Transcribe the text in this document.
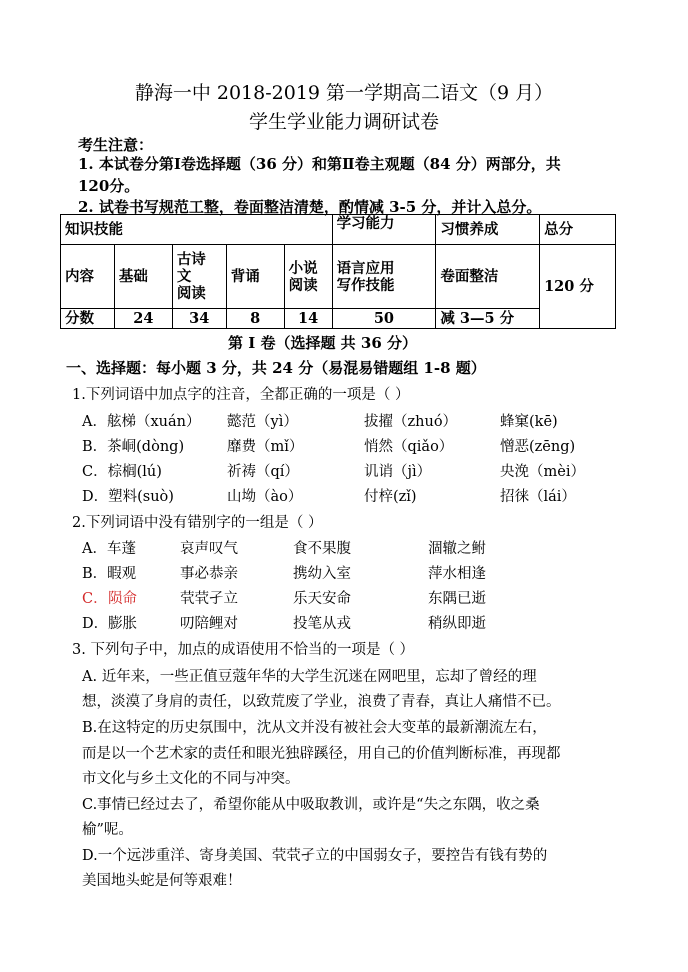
静海一中 2018-2019 第一学期高二语文（9 月）
学生学业能力调研试卷
考生注意：
1. 本试卷分第Ⅰ卷选择题（36 分）和第Ⅱ卷主观题（84 分）两部分，共
120分。
2. 试卷书写规范工整，卷面整洁清楚，酌情减 3-5 分，并计入总分。
知识技能					学习能力	习惯养成	总分
内容	基础	古诗
文
阅读	背诵	小说
阅读	语言应用
写作技能	卷面整洁	120 分
分数	24	34	8	14	50	减 3—5 分	
第 Ⅰ 卷（选择题 共 36 分）
一、选择题：每小题 3 分，共 24 分（易混易错题组 1-8 题）
1.下列词语中加点字的注音，全都正确的一项是（ ）
A．舷梯（xuán） 懿范（yì）	拔擢（zhuó）	蜂窠(kē)
B．茶峒(dòng)	靡费（mǐ）	悄然（qiǎo）	憎恶(zēng)
C．棕榈(lú)	祈祷（qí）	讥诮（jì）	央浼（mèi）
D．塑料(suò)	山坳（ào）	付梓(zǐ)	招徕（lái）
2.下列词语中没有错别字的一组是（ ）
A．车蓬	哀声叹气	食不果腹	涸辙之鲋
B．暇观	事必恭亲	携幼入室	萍水相逢
C． 陨命	茕茕孑立	乐天安命	东隅已逝
D． 膨胀	叨陪鲤对	投笔从戎	稍纵即逝
3. 下列句子中，加点的成语使用不恰当的一项是（ ）
A. 近年来，一些正值豆蔻年华的大学生沉迷在网吧里，忘却了曾经的理
想，淡漠了身肩的责任，以致荒废了学业，浪费了青春，真让人痛惜不已。
B.在这特定的历史氛围中，沈从文并没有被社会大变革的最新潮流左右，
而是以一个艺术家的责任和眼光独辟蹊径，用自己的价值判断标准，再现都
市文化与乡土文化的不同与冲突。
C.事情已经过去了，希望你能从中吸取教训，或许是“失之东隅，收之桑
榆”呢。
D.一个远涉重洋、寄身美国、茕茕孑立的中国弱女子，要控告有钱有势的
美国地头蛇是何等艰难！
